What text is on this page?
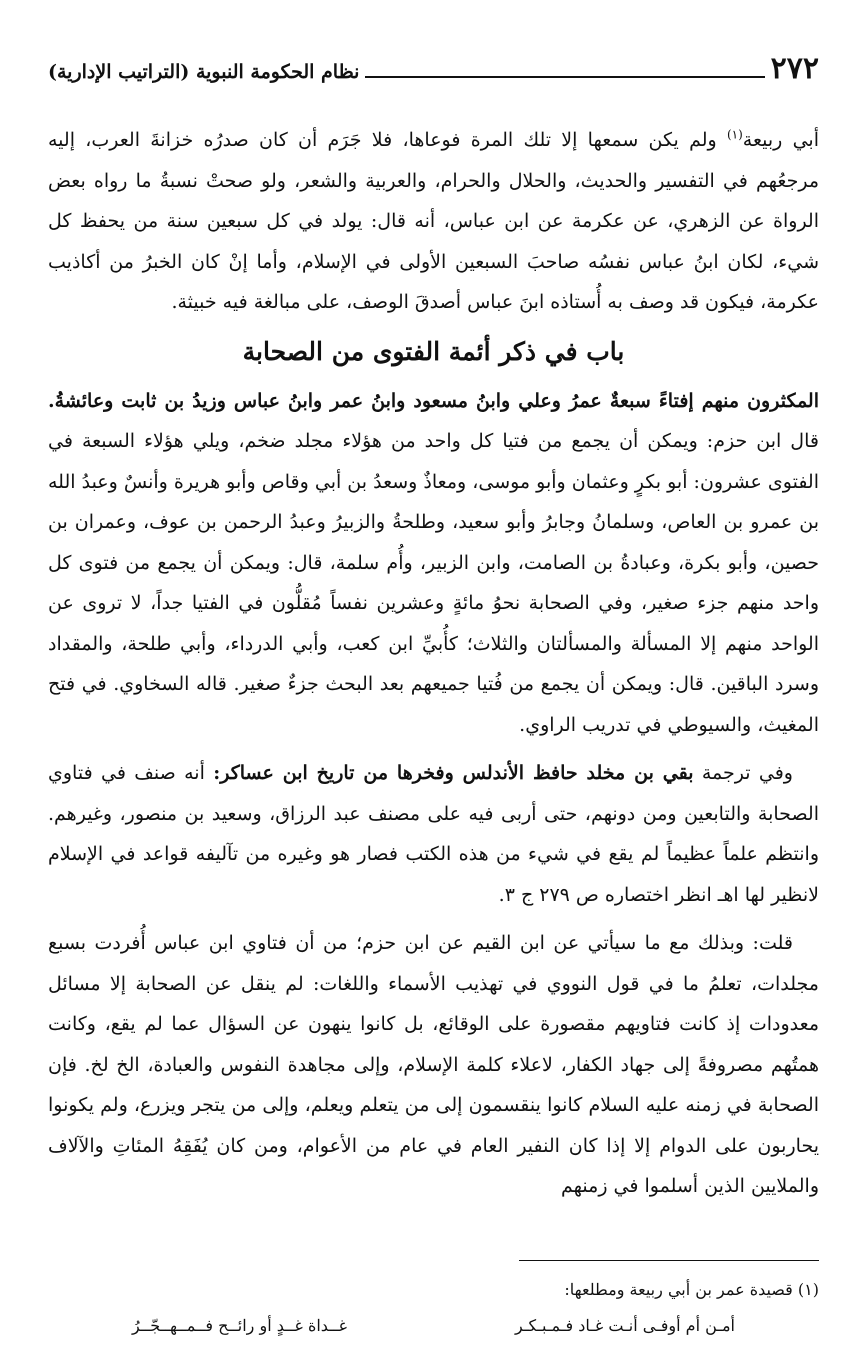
٢٧٢
نظام الحكومة النبوية (التراتيب الإدارية)

أبي ربيعة$^{(١)}$ ولم يكن سمعها إلا تلك المرة فوعاها، فلا جَرَم أن كان صدرُه خزانةَ العرب، إليه مرجعُهم في التفسير والحديث، والحلال والحرام، والعربية والشعر، ولو صحتْ نسبةُ ما رواه بعض الرواة عن الزهري، عن عكرمة عن ابن عباس، أنه قال: يولد في كل سبعين سنة من يحفظ كل شيء، لكان ابنُ عباس نفسُه صاحبَ السبعين الأولى في الإسلام، وأما إنْ كان الخبرُ من أكاذيب عكرمة، فيكون قد وصف به أُستاذه ابنَ عباس أصدقَ الوصف، على مبالغة فيه خبيثة.

باب في ذكر أئمة الفتوى من الصحابة

المكثرون منهم إفتاءً سبعةٌ عمرُ وعلي وابنُ مسعود وابنُ عمر وابنُ عباس وزيدُ بن ثابت وعائشةُ. قال ابن حزم: ويمكن أن يجمع من فتيا كل واحد من هؤلاء مجلد ضخم، ويلي هؤلاء السبعة في الفتوى عشرون: أبو بكرٍ وعثمان وأبو موسى، ومعاذٌ وسعدُ بن أبي وقاص وأبو هريرة وأنسٌ وعبدُ الله بن عمرو بن العاص، وسلمانُ وجابرُ وأبو سعيد، وطلحةُ والزبيرُ وعبدُ الرحمن بن عوف، وعمران بن حصين، وأبو بكرة، وعبادةُ بن الصامت، وابن الزبير، وأُم سلمة، قال: ويمكن أن يجمع من فتوى كل واحد منهم جزء صغير، وفي الصحابة نحوُ مائةٍ وعشرين نفساً مُقلُّون في الفتيا جداً، لا تروى عن الواحد منهم إلا المسألة والمسألتان والثلاث؛ كأُبيِّ ابن كعب، وأبي الدرداء، وأبي طلحة، والمقداد وسرد الباقين. قال: ويمكن أن يجمع من فُتيا جميعهم بعد البحث جزءٌ صغير. قاله السخاوي. في فتح المغيث، والسيوطي في تدريب الراوي.

وفي ترجمة بقي بن مخلد حافظ الأندلس وفخرها من تاريخ ابن عساكر: أنه صنف في فتاوي الصحابة والتابعين ومن دونهم، حتى أربى فيه على مصنف عبد الرزاق، وسعيد بن منصور، وغيرهم. وانتظم علماً عظيماً لم يقع في شيء من هذه الكتب فصار هو وغيره من تآليفه قواعد في الإسلام لانظير لها اهـ انظر اختصاره ص ٢٧٩ ج ٣.

قلت: وبذلك مع ما سيأتي عن ابن القيم عن ابن حزم؛ من أن فتاوي ابن عباس أُفردت بسبع مجلدات، تعلمُ ما في قول النووي في تهذيب الأسماء واللغات: لم ينقل عن الصحابة إلا مسائل معدودات إذ كانت فتاويهم مقصورة على الوقائع، بل كانوا ينهون عن السؤال عما لم يقع، وكانت همتُهم مصروفةً إلى جهاد الكفار، لاعلاء كلمة الإسلام، وإلى مجاهدة النفوس والعبادة، الخ لخ. فإن الصحابة في زمنه عليه السلام كانوا ينقسمون إلى من يتعلم ويعلم، وإلى من يتجر ويزرع، ولم يكونوا يحاربون على الدوام إلا إذا كان النفير العام في عام من الأعوام، ومن كان يُفَقِهُ المئاتِ والآلاف والملايين الذين أسلموا في زمنهم

(١) قصيدة عمر بن أبي ربيعة ومطلعها:
أمـن أم أوفـى أنـت غـاد فـمـبـكـر
غــداة غــدٍ أو رائــح فــمــهــجّــرُ
